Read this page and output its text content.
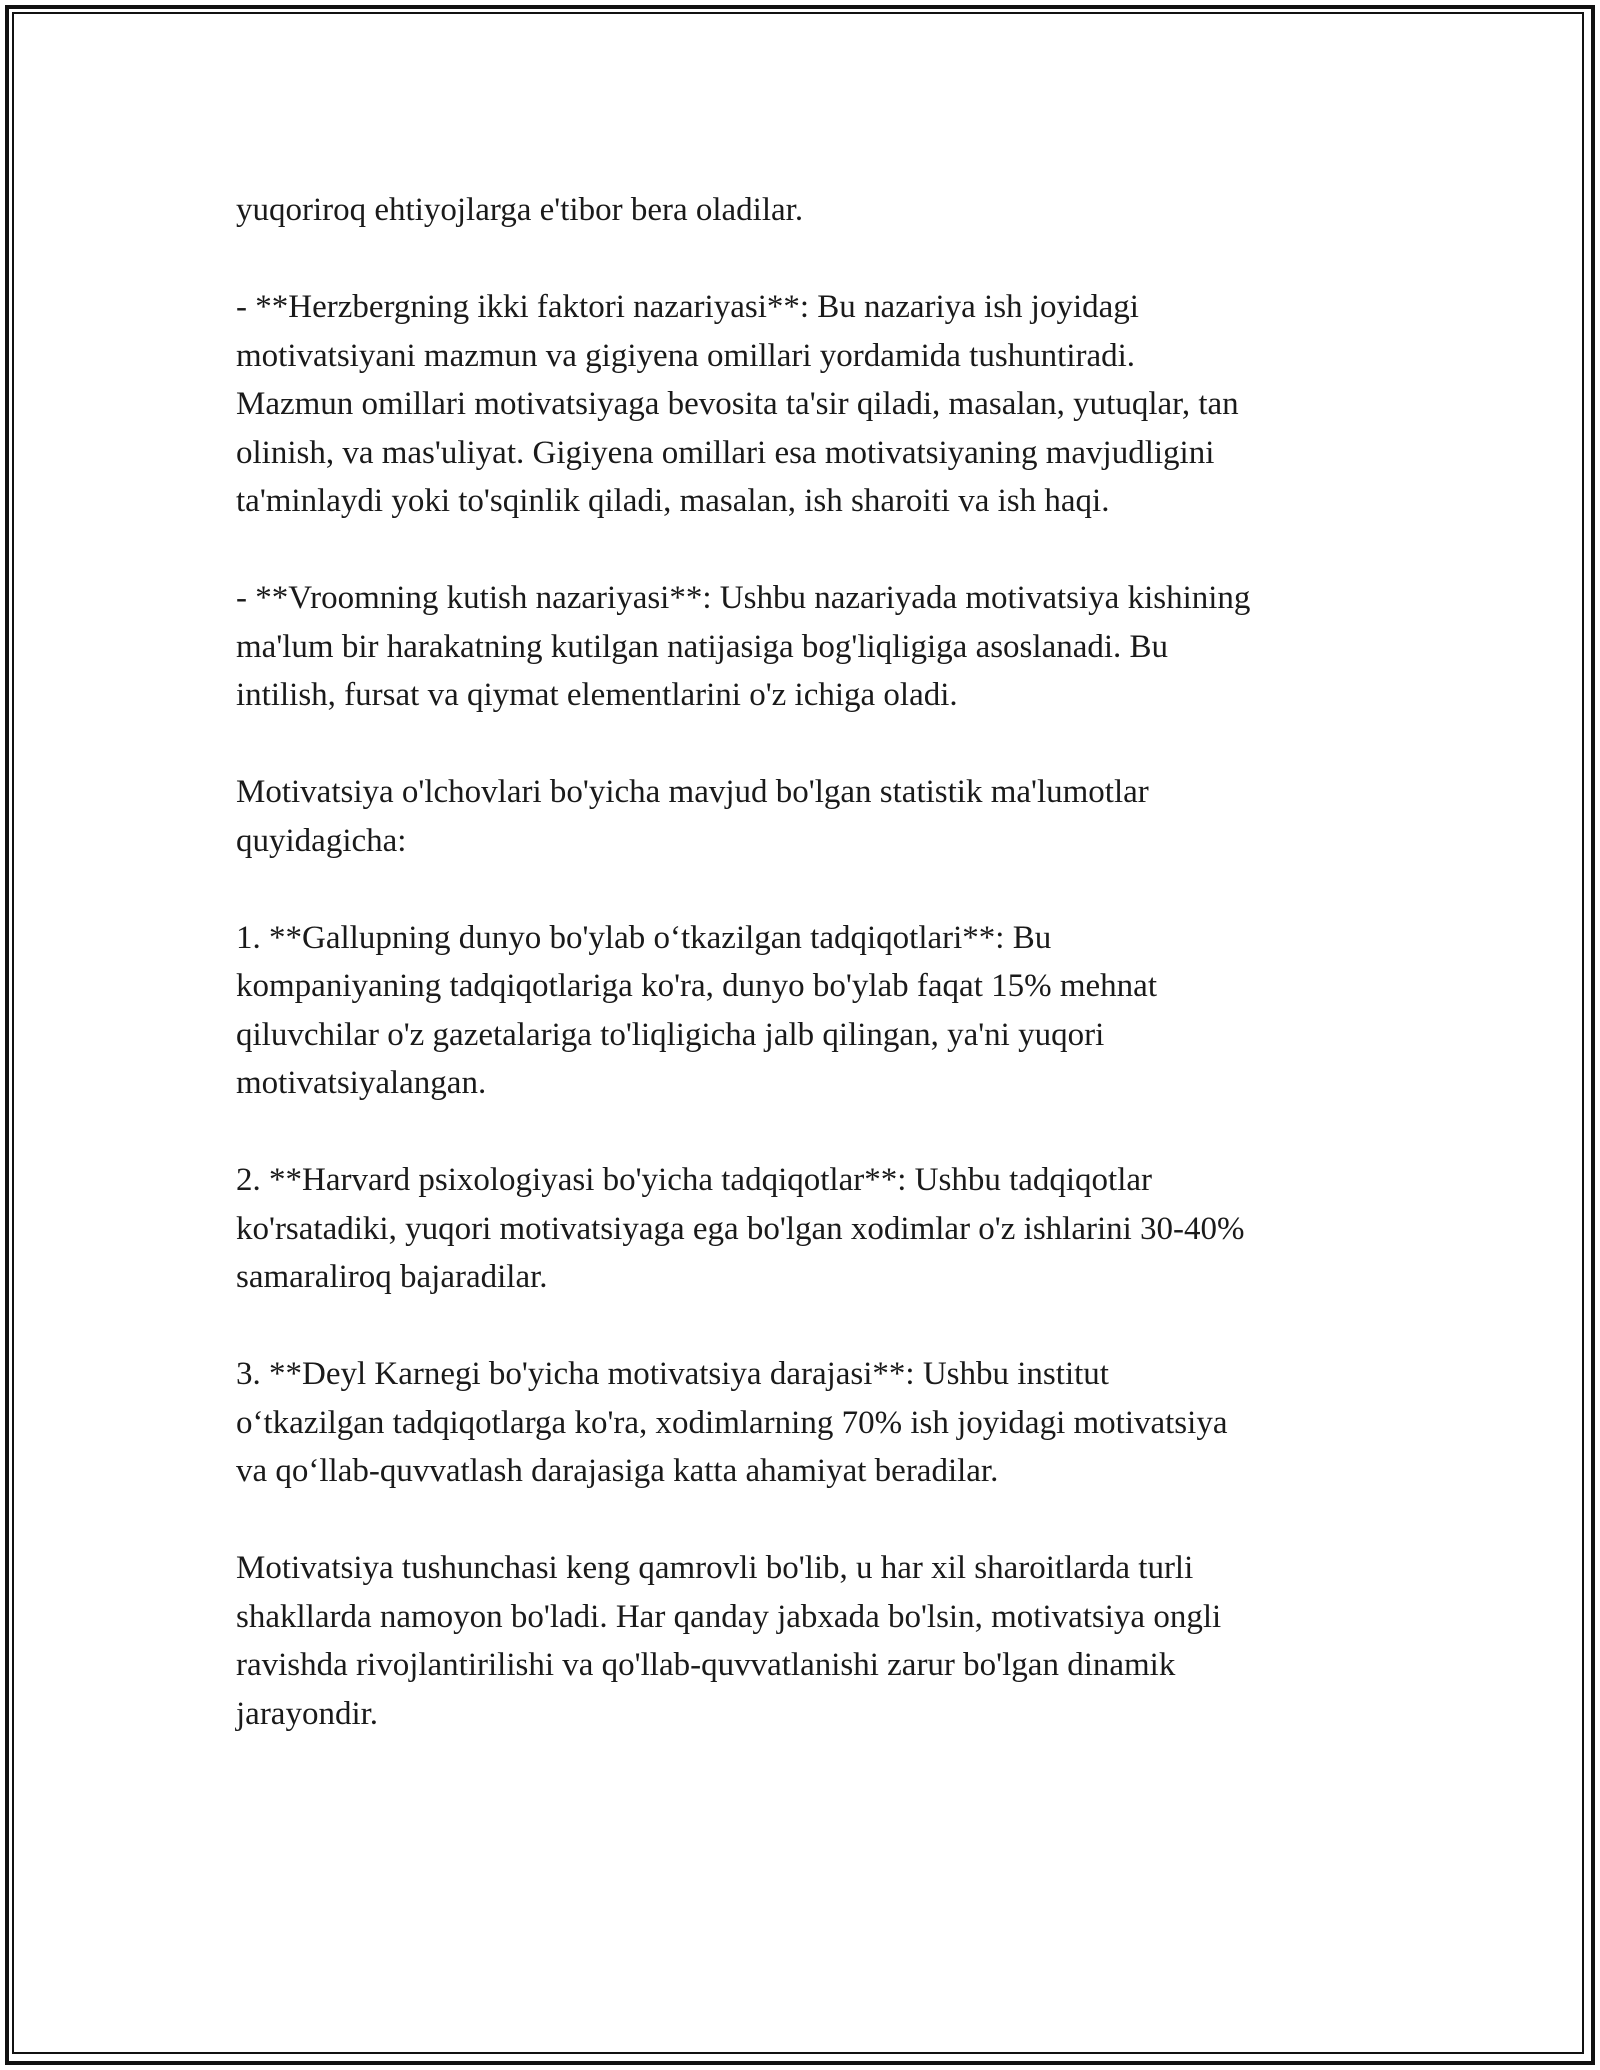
yuqoriroq ehtiyojlarga e'tibor bera oladilar.

- **Herzbergning ikki faktori nazariyasi**: Bu nazariya ish joyidagi
motivatsiyani mazmun va gigiyena omillari yordamida tushuntiradi.
Mazmun omillari motivatsiyaga bevosita ta'sir qiladi, masalan, yutuqlar, tan
olinish, va mas'uliyat. Gigiyena omillari esa motivatsiyaning mavjudligini
ta'minlaydi yoki to'sqinlik qiladi, masalan, ish sharoiti va ish haqi.

- **Vroomning kutish nazariyasi**: Ushbu nazariyada motivatsiya kishining
ma'lum bir harakatning kutilgan natijasiga bog'liqligiga asoslanadi. Bu
intilish, fursat va qiymat elementlarini o'z ichiga oladi.

Motivatsiya o'lchovlari bo'yicha mavjud bo'lgan statistik ma'lumotlar
quyidagicha:

1. **Gallupning dunyo bo'ylab o‘tkazilgan tadqiqotlari**: Bu
kompaniyaning tadqiqotlariga ko'ra, dunyo bo'ylab faqat 15% mehnat
qiluvchilar o'z gazetalariga to'liqligicha jalb qilingan, ya'ni yuqori
motivatsiyalangan.

2. **Harvard psixologiyasi bo'yicha tadqiqotlar**: Ushbu tadqiqotlar
ko'rsatadiki, yuqori motivatsiyaga ega bo'lgan xodimlar o'z ishlarini 30-40%
samaraliroq bajaradilar.

3. **Deyl Karnegi bo'yicha motivatsiya darajasi**: Ushbu institut
o‘tkazilgan tadqiqotlarga ko'ra, xodimlarning 70% ish joyidagi motivatsiya
va qo‘llab-quvvatlash darajasiga katta ahamiyat beradilar.

Motivatsiya tushunchasi keng qamrovli bo'lib, u har xil sharoitlarda turli
shakllarda namoyon bo'ladi. Har qanday jabxada bo'lsin, motivatsiya ongli
ravishda rivojlantirilishi va qo'llab-quvvatlanishi zarur bo'lgan dinamik
jarayondir.
